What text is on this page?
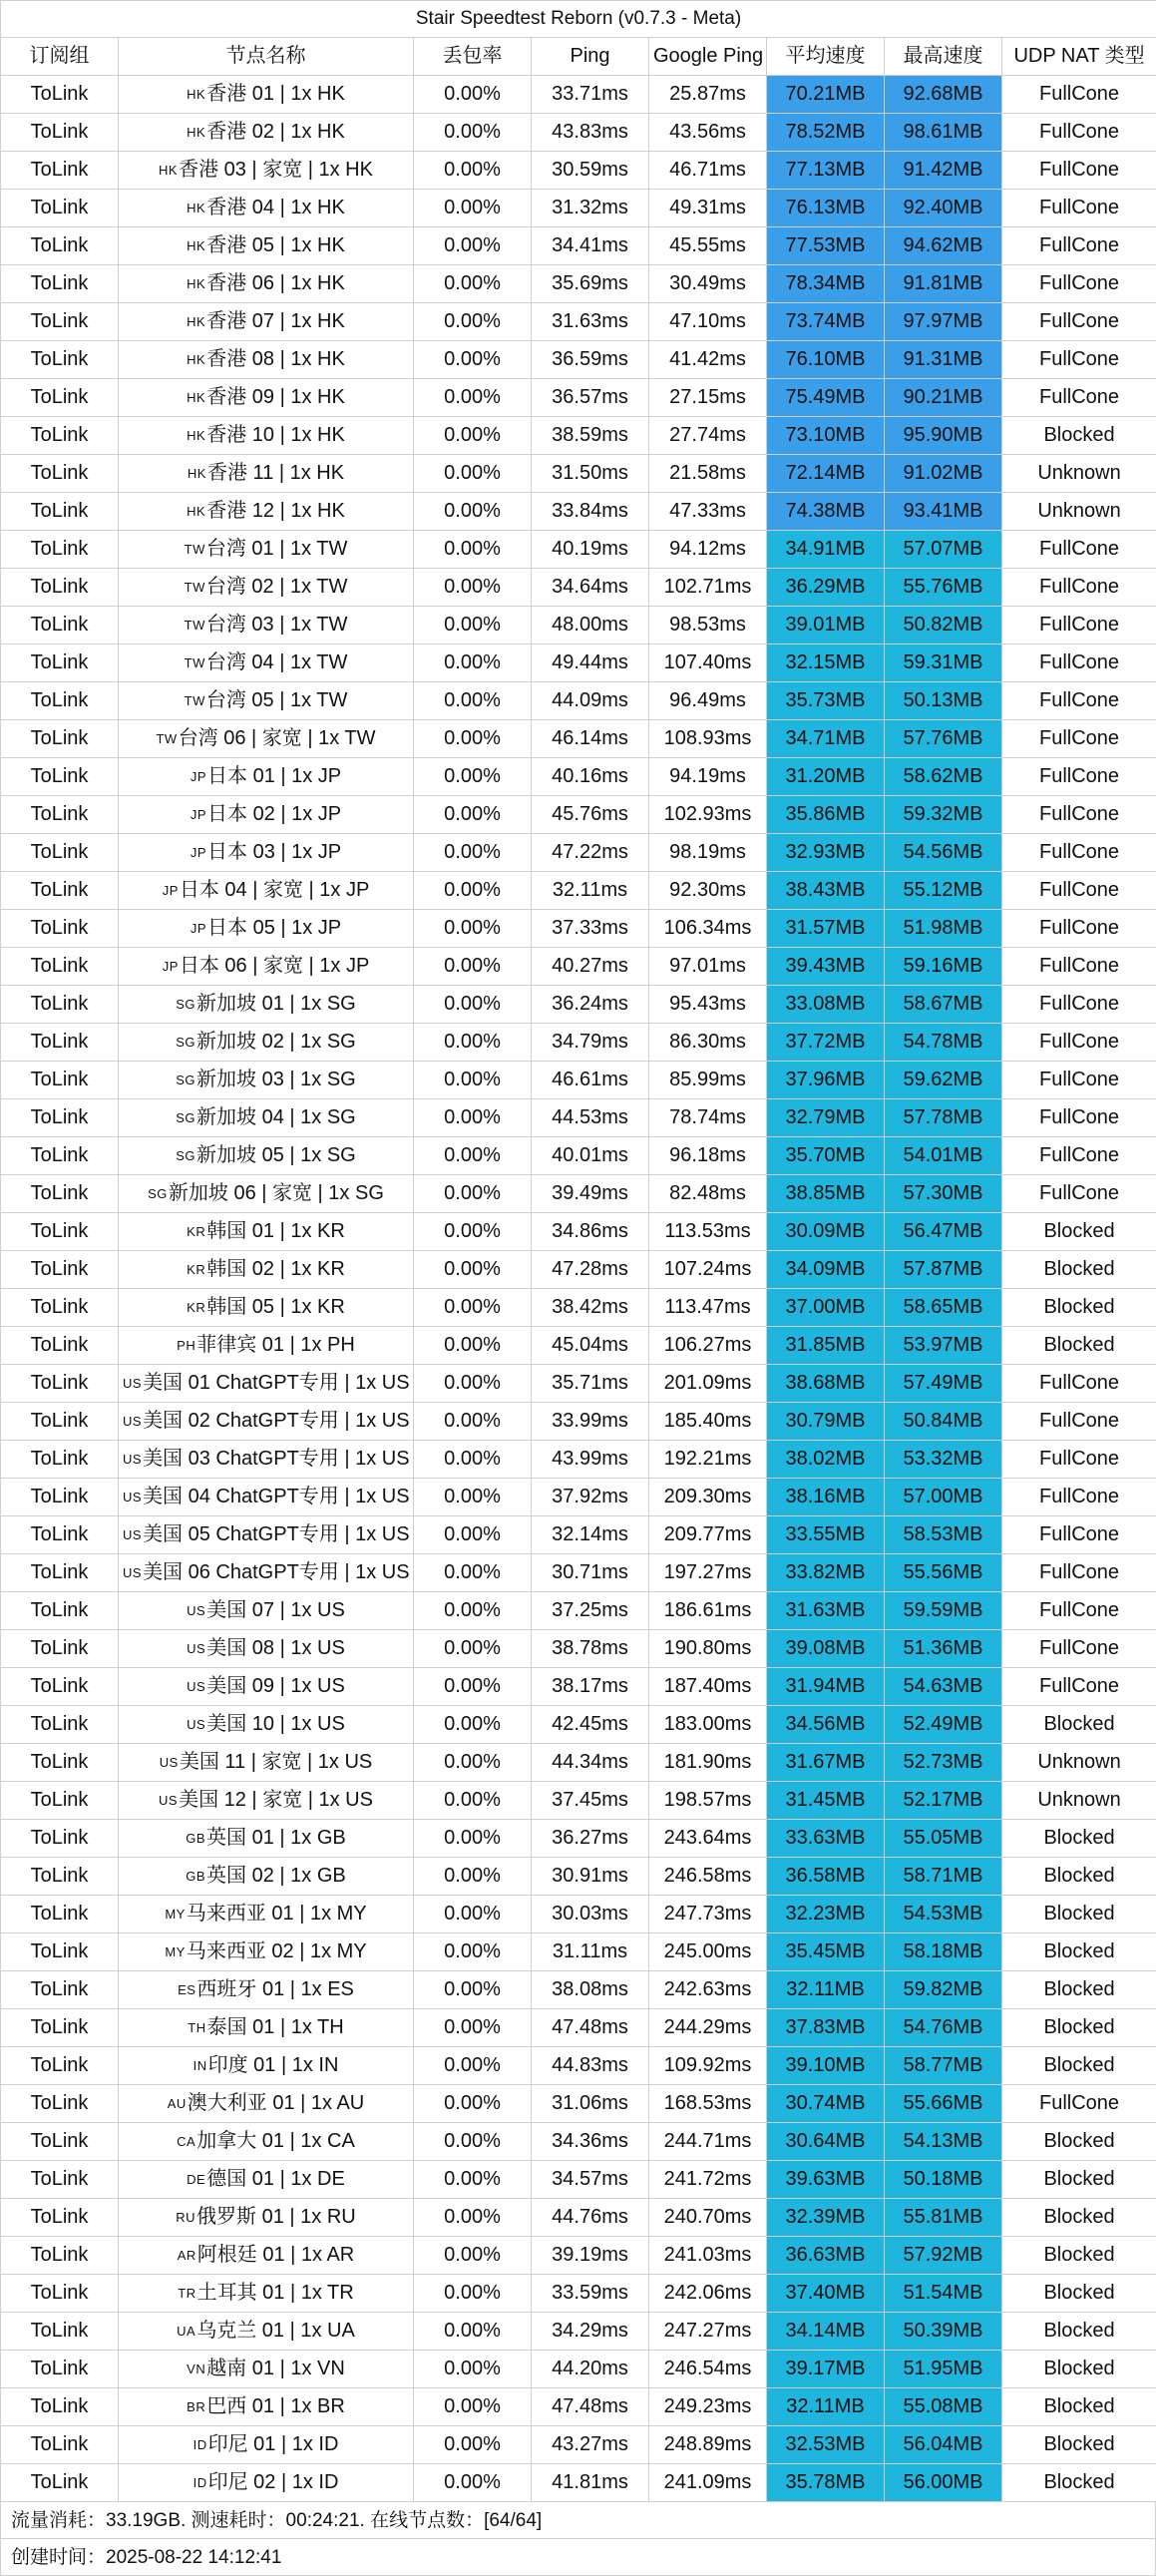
Stair Speedtest Reborn (v0.7.3 - Meta)							
订阅组	节点名称	丢包率	Ping	Google Ping	平均速度	最高速度	UDP NAT 类型
ToLink	HK香港 01 | 1x HK	0.00%	33.71ms	25.87ms	70.21MB	92.68MB	FullCone
ToLink	HK香港 02 | 1x HK	0.00%	43.83ms	43.56ms	78.52MB	98.61MB	FullCone
ToLink	HK香港 03 | 家宽 | 1x HK	0.00%	30.59ms	46.71ms	77.13MB	91.42MB	FullCone
ToLink	HK香港 04 | 1x HK	0.00%	31.32ms	49.31ms	76.13MB	92.40MB	FullCone
ToLink	HK香港 05 | 1x HK	0.00%	34.41ms	45.55ms	77.53MB	94.62MB	FullCone
ToLink	HK香港 06 | 1x HK	0.00%	35.69ms	30.49ms	78.34MB	91.81MB	FullCone
ToLink	HK香港 07 | 1x HK	0.00%	31.63ms	47.10ms	73.74MB	97.97MB	FullCone
ToLink	HK香港 08 | 1x HK	0.00%	36.59ms	41.42ms	76.10MB	91.31MB	FullCone
ToLink	HK香港 09 | 1x HK	0.00%	36.57ms	27.15ms	75.49MB	90.21MB	FullCone
ToLink	HK香港 10 | 1x HK	0.00%	38.59ms	27.74ms	73.10MB	95.90MB	Blocked
ToLink	HK香港 11 | 1x HK	0.00%	31.50ms	21.58ms	72.14MB	91.02MB	Unknown
ToLink	HK香港 12 | 1x HK	0.00%	33.84ms	47.33ms	74.38MB	93.41MB	Unknown
ToLink	TW台湾 01 | 1x TW	0.00%	40.19ms	94.12ms	34.91MB	57.07MB	FullCone
ToLink	TW台湾 02 | 1x TW	0.00%	34.64ms	102.71ms	36.29MB	55.76MB	FullCone
ToLink	TW台湾 03 | 1x TW	0.00%	48.00ms	98.53ms	39.01MB	50.82MB	FullCone
ToLink	TW台湾 04 | 1x TW	0.00%	49.44ms	107.40ms	32.15MB	59.31MB	FullCone
ToLink	TW台湾 05 | 1x TW	0.00%	44.09ms	96.49ms	35.73MB	50.13MB	FullCone
ToLink	TW台湾 06 | 家宽 | 1x TW	0.00%	46.14ms	108.93ms	34.71MB	57.76MB	FullCone
ToLink	JP日本 01 | 1x JP	0.00%	40.16ms	94.19ms	31.20MB	58.62MB	FullCone
ToLink	JP日本 02 | 1x JP	0.00%	45.76ms	102.93ms	35.86MB	59.32MB	FullCone
ToLink	JP日本 03 | 1x JP	0.00%	47.22ms	98.19ms	32.93MB	54.56MB	FullCone
ToLink	JP日本 04 | 家宽 | 1x JP	0.00%	32.11ms	92.30ms	38.43MB	55.12MB	FullCone
ToLink	JP日本 05 | 1x JP	0.00%	37.33ms	106.34ms	31.57MB	51.98MB	FullCone
ToLink	JP日本 06 | 家宽 | 1x JP	0.00%	40.27ms	97.01ms	39.43MB	59.16MB	FullCone
ToLink	SG新加坡 01 | 1x SG	0.00%	36.24ms	95.43ms	33.08MB	58.67MB	FullCone
ToLink	SG新加坡 02 | 1x SG	0.00%	34.79ms	86.30ms	37.72MB	54.78MB	FullCone
ToLink	SG新加坡 03 | 1x SG	0.00%	46.61ms	85.99ms	37.96MB	59.62MB	FullCone
ToLink	SG新加坡 04 | 1x SG	0.00%	44.53ms	78.74ms	32.79MB	57.78MB	FullCone
ToLink	SG新加坡 05 | 1x SG	0.00%	40.01ms	96.18ms	35.70MB	54.01MB	FullCone
ToLink	SG新加坡 06 | 家宽 | 1x SG	0.00%	39.49ms	82.48ms	38.85MB	57.30MB	FullCone
ToLink	KR韩国 01 | 1x KR	0.00%	34.86ms	113.53ms	30.09MB	56.47MB	Blocked
ToLink	KR韩国 02 | 1x KR	0.00%	47.28ms	107.24ms	34.09MB	57.87MB	Blocked
ToLink	KR韩国 05 | 1x KR	0.00%	38.42ms	113.47ms	37.00MB	58.65MB	Blocked
ToLink	PH菲律宾 01 | 1x PH	0.00%	45.04ms	106.27ms	31.85MB	53.97MB	Blocked
ToLink	US美国 01 ChatGPT专用 | 1x US	0.00%	35.71ms	201.09ms	38.68MB	57.49MB	FullCone
ToLink	US美国 02 ChatGPT专用 | 1x US	0.00%	33.99ms	185.40ms	30.79MB	50.84MB	FullCone
ToLink	US美国 03 ChatGPT专用 | 1x US	0.00%	43.99ms	192.21ms	38.02MB	53.32MB	FullCone
ToLink	US美国 04 ChatGPT专用 | 1x US	0.00%	37.92ms	209.30ms	38.16MB	57.00MB	FullCone
ToLink	US美国 05 ChatGPT专用 | 1x US	0.00%	32.14ms	209.77ms	33.55MB	58.53MB	FullCone
ToLink	US美国 06 ChatGPT专用 | 1x US	0.00%	30.71ms	197.27ms	33.82MB	55.56MB	FullCone
ToLink	US美国 07 | 1x US	0.00%	37.25ms	186.61ms	31.63MB	59.59MB	FullCone
ToLink	US美国 08 | 1x US	0.00%	38.78ms	190.80ms	39.08MB	51.36MB	FullCone
ToLink	US美国 09 | 1x US	0.00%	38.17ms	187.40ms	31.94MB	54.63MB	FullCone
ToLink	US美国 10 | 1x US	0.00%	42.45ms	183.00ms	34.56MB	52.49MB	Blocked
ToLink	US美国 11 | 家宽 | 1x US	0.00%	44.34ms	181.90ms	31.67MB	52.73MB	Unknown
ToLink	US美国 12 | 家宽 | 1x US	0.00%	37.45ms	198.57ms	31.45MB	52.17MB	Unknown
ToLink	GB英国 01 | 1x GB	0.00%	36.27ms	243.64ms	33.63MB	55.05MB	Blocked
ToLink	GB英国 02 | 1x GB	0.00%	30.91ms	246.58ms	36.58MB	58.71MB	Blocked
ToLink	MY马来西亚 01 | 1x MY	0.00%	30.03ms	247.73ms	32.23MB	54.53MB	Blocked
ToLink	MY马来西亚 02 | 1x MY	0.00%	31.11ms	245.00ms	35.45MB	58.18MB	Blocked
ToLink	ES西班牙 01 | 1x ES	0.00%	38.08ms	242.63ms	32.11MB	59.82MB	Blocked
ToLink	TH泰国 01 | 1x TH	0.00%	47.48ms	244.29ms	37.83MB	54.76MB	Blocked
ToLink	IN印度 01 | 1x IN	0.00%	44.83ms	109.92ms	39.10MB	58.77MB	Blocked
ToLink	AU澳大利亚 01 | 1x AU	0.00%	31.06ms	168.53ms	30.74MB	55.66MB	FullCone
ToLink	CA加拿大 01 | 1x CA	0.00%	34.36ms	244.71ms	30.64MB	54.13MB	Blocked
ToLink	DE德国 01 | 1x DE	0.00%	34.57ms	241.72ms	39.63MB	50.18MB	Blocked
ToLink	RU俄罗斯 01 | 1x RU	0.00%	44.76ms	240.70ms	32.39MB	55.81MB	Blocked
ToLink	AR阿根廷 01 | 1x AR	0.00%	39.19ms	241.03ms	36.63MB	57.92MB	Blocked
ToLink	TR土耳其 01 | 1x TR	0.00%	33.59ms	242.06ms	37.40MB	51.54MB	Blocked
ToLink	UA乌克兰 01 | 1x UA	0.00%	34.29ms	247.27ms	34.14MB	50.39MB	Blocked
ToLink	VN越南 01 | 1x VN	0.00%	44.20ms	246.54ms	39.17MB	51.95MB	Blocked
ToLink	BR巴西 01 | 1x BR	0.00%	47.48ms	249.23ms	32.11MB	55.08MB	Blocked
ToLink	ID印尼 01 | 1x ID	0.00%	43.27ms	248.89ms	32.53MB	56.04MB	Blocked
ToLink	ID印尼 02 | 1x ID	0.00%	41.81ms	241.09ms	35.78MB	56.00MB	Blocked
流量消耗：33.19GB. 测速耗时：00:24:21. 在线节点数：[64/64]
创建时间：2025-08-22 14:12:41
